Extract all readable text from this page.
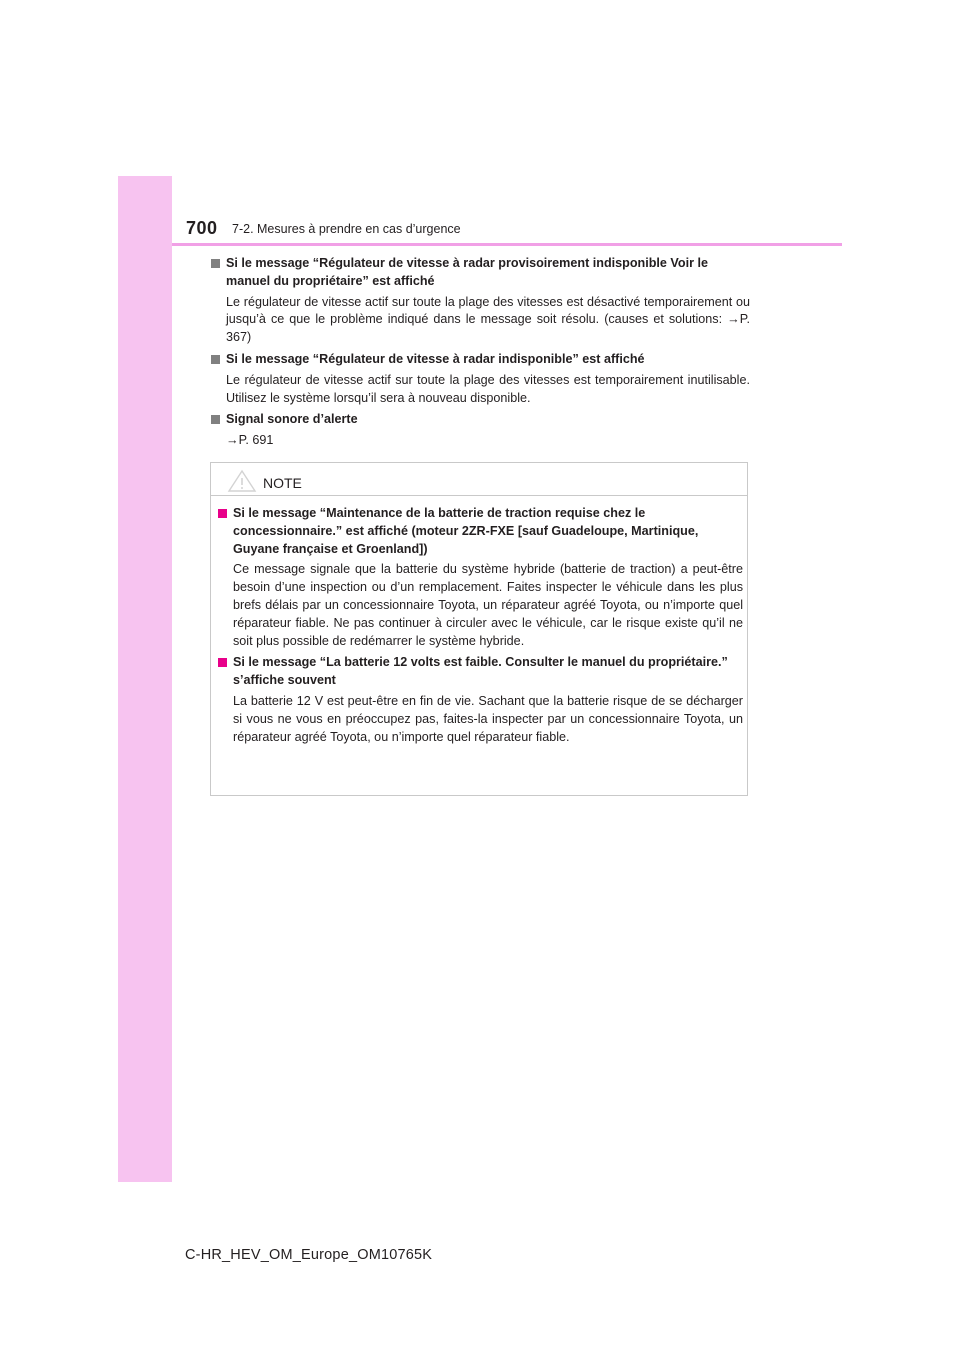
700 7-2. Mesures à prendre en cas d’urgence
Si le message “Régulateur de vitesse à radar provisoirement indisponible Voir le manuel du propriétaire” est affiché
Le régulateur de vitesse actif sur toute la plage des vitesses est désactivé temporairement ou jusqu’à ce que le problème indiqué dans le message soit résolu. (causes et solutions: →P. 367)
Si le message “Régulateur de vitesse à radar indisponible” est affiché
Le régulateur de vitesse actif sur toute la plage des vitesses est temporairement inutilisable. Utilisez le système lorsqu’il sera à nouveau disponible.
Signal sonore d’alerte
→P. 691
NOTE
Si le message “Maintenance de la batterie de traction requise chez le concessionnaire.” est affiché (moteur 2ZR-FXE [sauf Guadeloupe, Martinique, Guyane française et Groenland])
Ce message signale que la batterie du système hybride (batterie de traction) a peut-être besoin d’une inspection ou d’un remplacement. Faites inspecter le véhicule dans les plus brefs délais par un concessionnaire Toyota, un réparateur agréé Toyota, ou n’importe quel réparateur fiable. Ne pas continuer à circuler avec le véhicule, car le risque existe qu’il ne soit plus possible de redémarrer le système hybride.
Si le message “La batterie 12 volts est faible. Consulter le manuel du propriétaire.” s’affiche souvent
La batterie 12 V est peut-être en fin de vie. Sachant que la batterie risque de se décharger si vous ne vous en préoccupez pas, faites-la inspecter par un concessionnaire Toyota, un réparateur agréé Toyota, ou n’importe quel réparateur fiable.
C-HR_HEV_OM_Europe_OM10765K
